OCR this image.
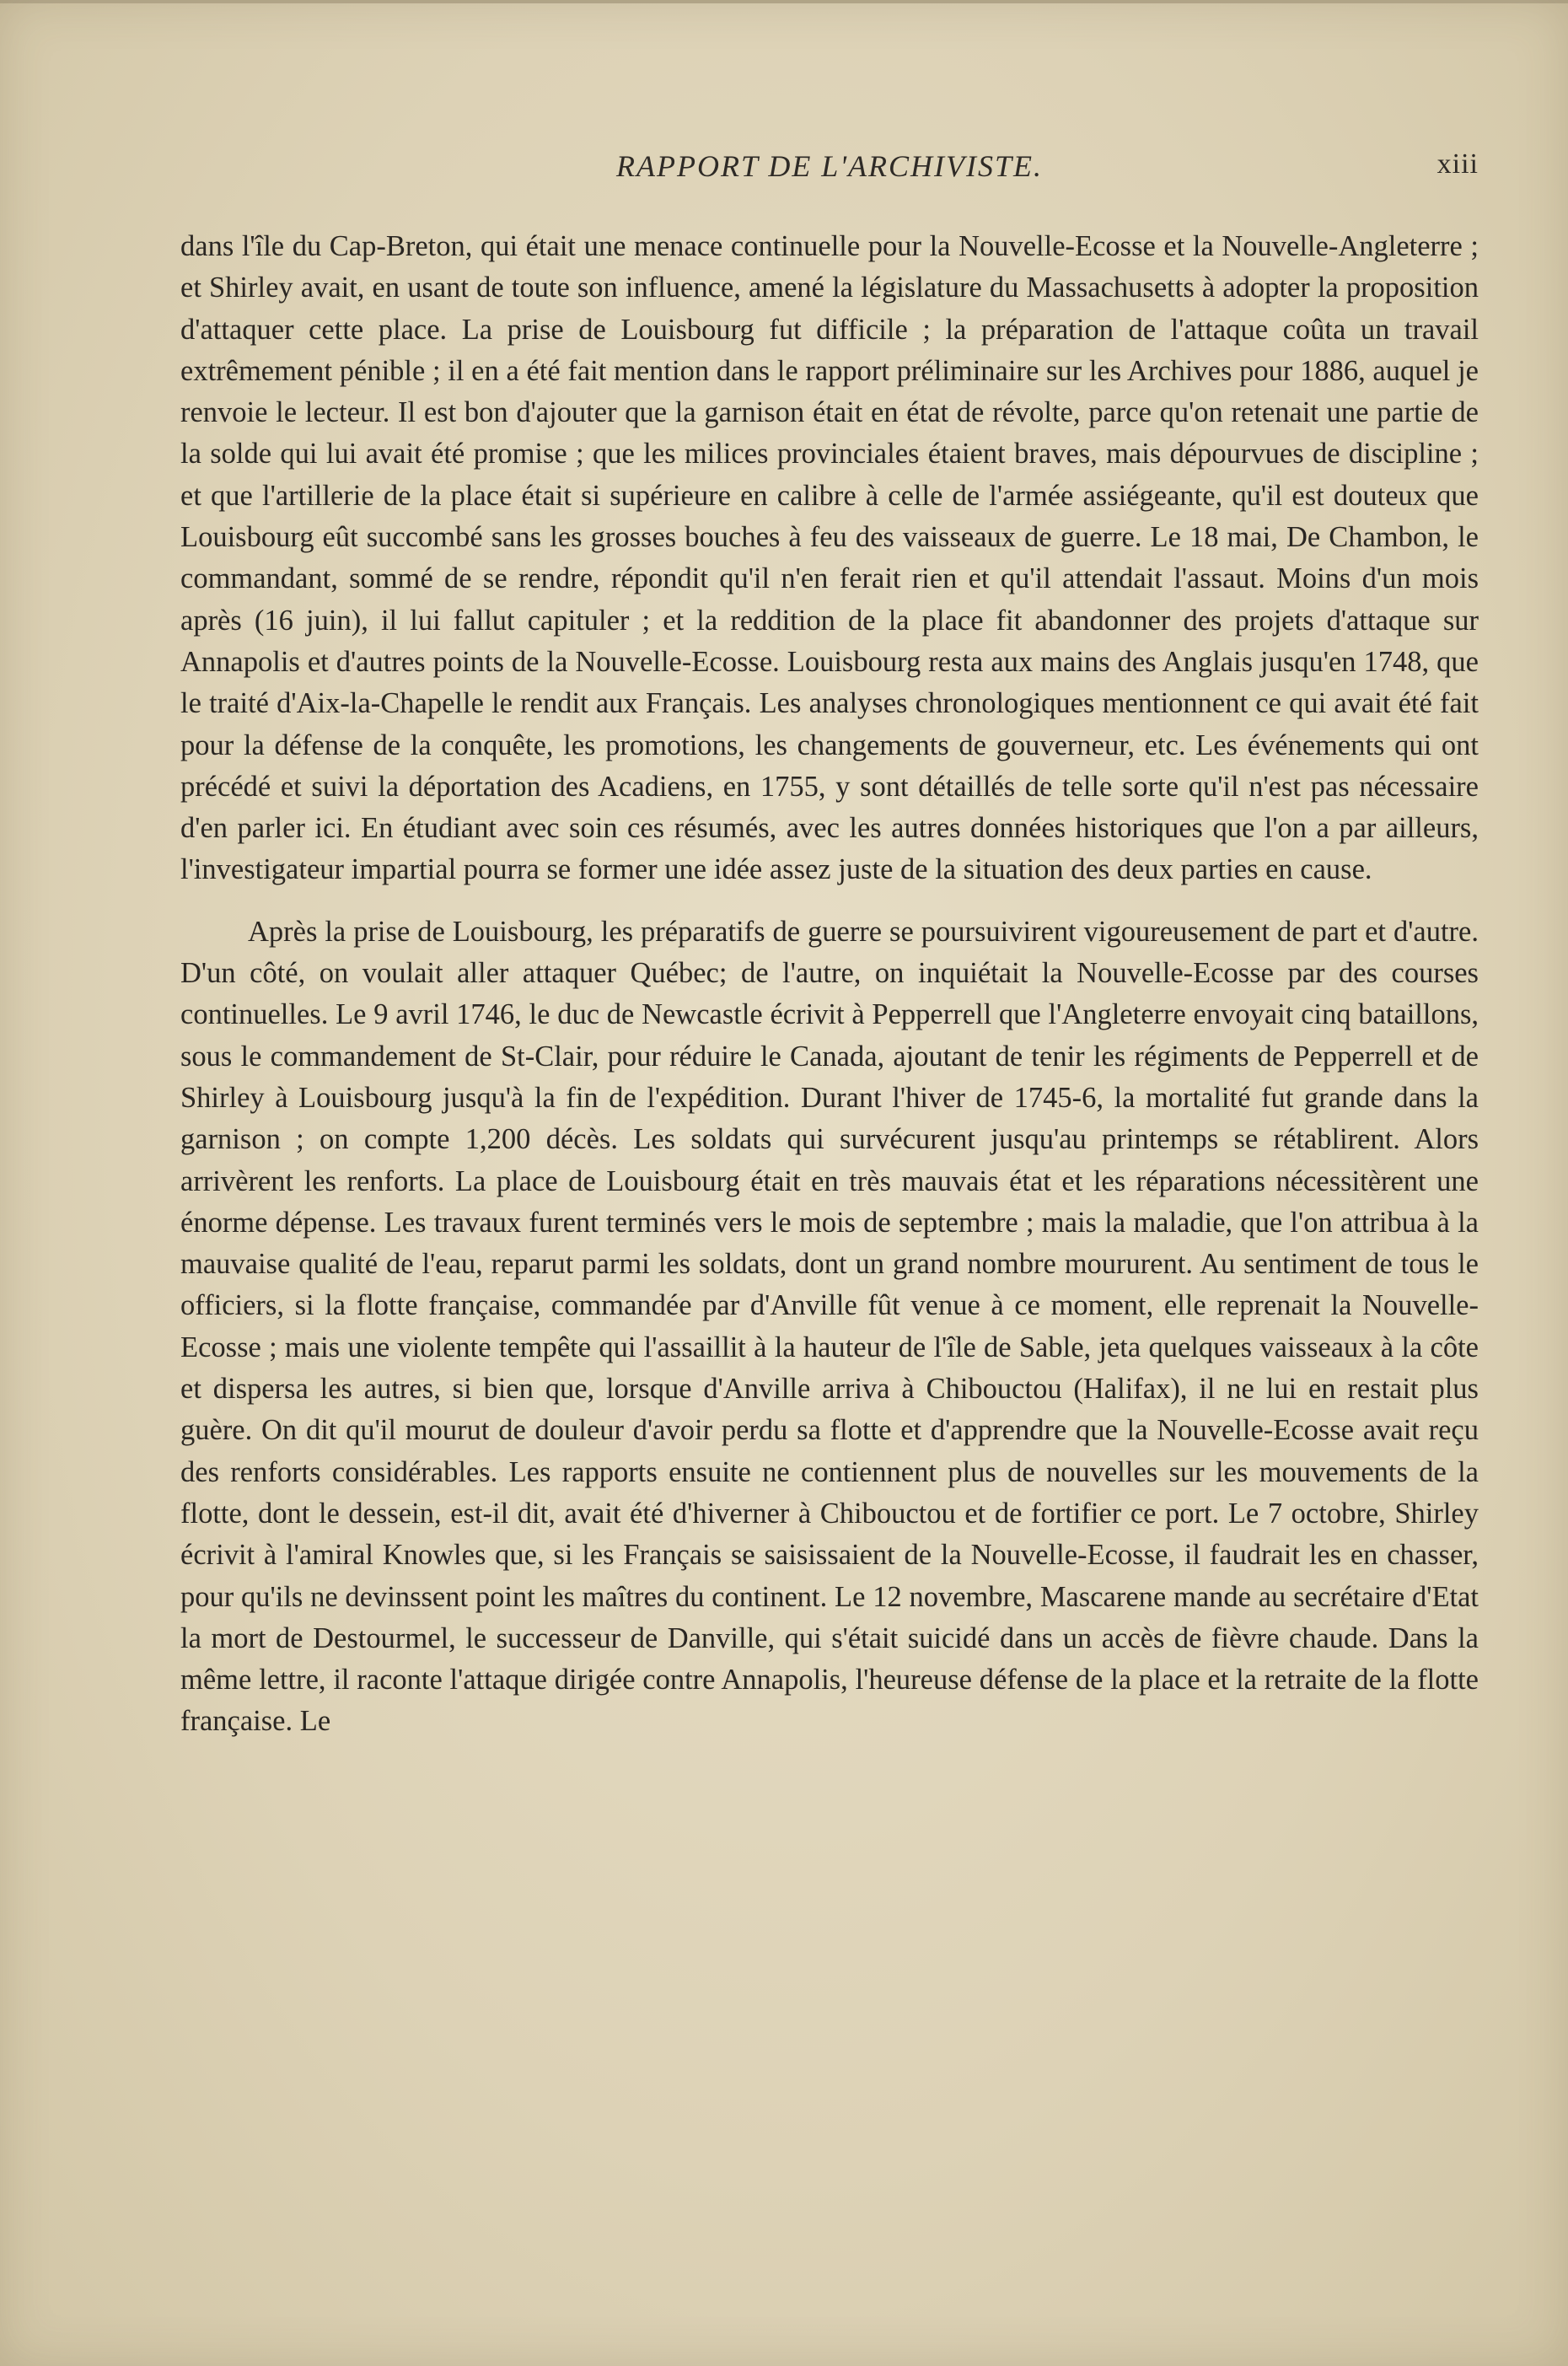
RAPPORT DE L'ARCHIVISTE.	xiii

dans l'île du Cap-Breton, qui était une menace continuelle pour la Nouvelle-Ecosse et la Nouvelle-Angleterre ; et Shirley avait, en usant de toute son influence, amené la législature du Massachusetts à adopter la proposition d'attaquer cette place. La prise de Louisbourg fut difficile ; la préparation de l'attaque coûta un travail extrêmement pénible ; il en a été fait mention dans le rapport préliminaire sur les Archives pour 1886, auquel je renvoie le lecteur. Il est bon d'ajouter que la garnison était en état de révolte, parce qu'on retenait une partie de la solde qui lui avait été promise ; que les milices provinciales étaient braves, mais dépourvues de discipline ; et que l'artillerie de la place était si supérieure en calibre à celle de l'armée assiégeante, qu'il est douteux que Louisbourg eût succombé sans les grosses bouches à feu des vaisseaux de guerre. Le 18 mai, De Chambon, le commandant, sommé de se rendre, répondit qu'il n'en ferait rien et qu'il attendait l'assaut. Moins d'un mois après (16 juin), il lui fallut capituler ; et la reddition de la place fit abandonner des projets d'attaque sur Annapolis et d'autres points de la Nouvelle-Ecosse. Louisbourg resta aux mains des Anglais jusqu'en 1748, que le traité d'Aix-la-Chapelle le rendit aux Français. Les analyses chronologiques mentionnent ce qui avait été fait pour la défense de la conquête, les promotions, les changements de gouverneur, etc. Les événements qui ont précédé et suivi la déportation des Acadiens, en 1755, y sont détaillés de telle sorte qu'il n'est pas nécessaire d'en parler ici. En étudiant avec soin ces résumés, avec les autres données historiques que l'on a par ailleurs, l'investigateur impartial pourra se former une idée assez juste de la situation des deux parties en cause.

Après la prise de Louisbourg, les préparatifs de guerre se poursuivirent vigoureusement de part et d'autre. D'un côté, on voulait aller attaquer Québec; de l'autre, on inquiétait la Nouvelle-Ecosse par des courses continuelles. Le 9 avril 1746, le duc de Newcastle écrivit à Pepperrell que l'Angleterre envoyait cinq bataillons, sous le commandement de St-Clair, pour réduire le Canada, ajoutant de tenir les régiments de Pepperrell et de Shirley à Louisbourg jusqu'à la fin de l'expédition. Durant l'hiver de 1745-6, la mortalité fut grande dans la garnison ; on compte 1,200 décès. Les soldats qui survécurent jusqu'au printemps se rétablirent. Alors arrivèrent les renforts. La place de Louisbourg était en très mauvais état et les réparations nécessitèrent une énorme dépense. Les travaux furent terminés vers le mois de septembre ; mais la maladie, que l'on attribua à la mauvaise qualité de l'eau, reparut parmi les soldats, dont un grand nombre moururent. Au sentiment de tous le officiers, si la flotte française, commandée par d'Anville fût venue à ce moment, elle reprenait la Nouvelle-Ecosse ; mais une violente tempête qui l'assaillit à la hauteur de l'île de Sable, jeta quelques vaisseaux à la côte et dispersa les autres, si bien que, lorsque d'Anville arriva à Chibouctou (Halifax), il ne lui en restait plus guère. On dit qu'il mourut de douleur d'avoir perdu sa flotte et d'apprendre que la Nouvelle-Ecosse avait reçu des renforts considérables. Les rapports ensuite ne contiennent plus de nouvelles sur les mouvements de la flotte, dont le dessein, est-il dit, avait été d'hiverner à Chibouctou et de fortifier ce port. Le 7 octobre, Shirley écrivit à l'amiral Knowles que, si les Français se saisissaient de la Nouvelle-Ecosse, il faudrait les en chasser, pour qu'ils ne devinssent point les maîtres du continent. Le 12 novembre, Mascarene mande au secrétaire d'Etat la mort de Destourmel, le successeur de Danville, qui s'était suicidé dans un accès de fièvre chaude. Dans la même lettre, il raconte l'attaque dirigée contre Annapolis, l'heureuse défense de la place et la retraite de la flotte française. Le
